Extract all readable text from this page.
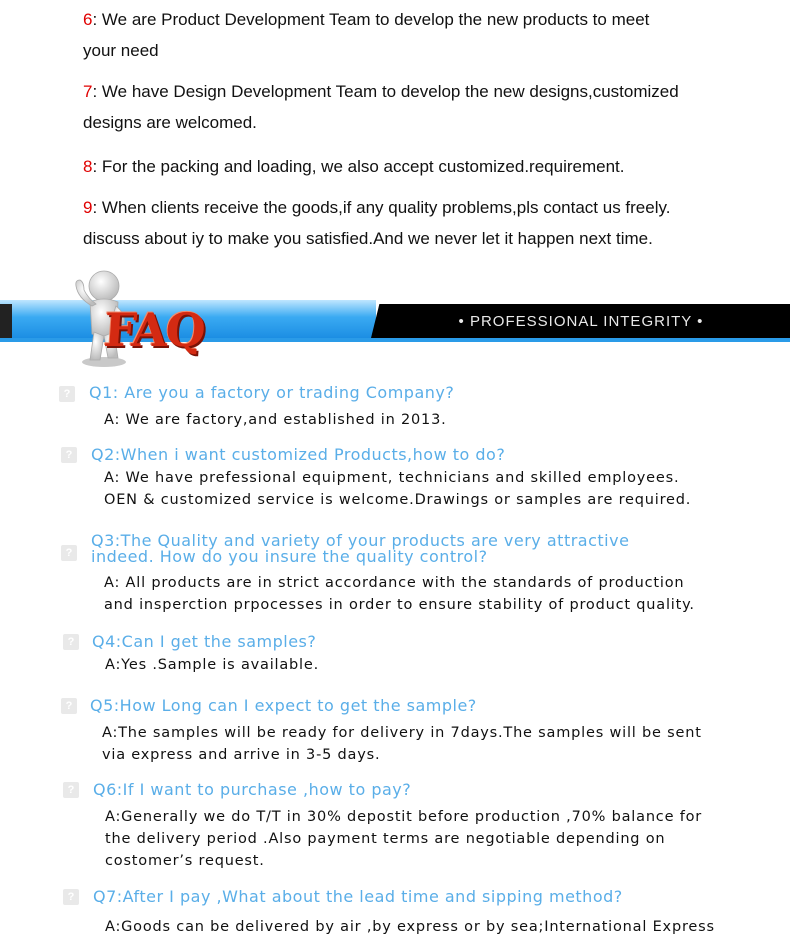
6: We are Product Development Team to develop the new products to meet
your need
7: We have Design Development Team to develop the new designs,customized
designs are welcomed.
8: For the packing and loading, we also accept customized.requirement.
9: When clients receive the goods,if any quality problems,pls contact us freely.
discuss about iy to make you satisfied.And we never let it happen next time.
• PROFESSIONAL INTEGRITY •
FAQ
? Q1: Are you a factory or trading Company?
A: We are factory,and established in 2013.
? Q2:When i want customized Products,how to do?
A: We have prefessional equipment, technicians and skilled employees.
OEN & customized service is welcome.Drawings or samples are required.
?
Q3:The Quality and variety of your products are very attractive
indeed. How do you insure the quality control?
A: All products are in strict accordance with the standards of production
and insperction prpocesses in order to ensure stability of product quality.
? Q4:Can I get the samples?
A:Yes .Sample is available.
? Q5:How Long can I expect to get the sample?
A:The samples will be ready for delivery in 7days.The samples will be sent
via express and arrive in 3-5 days.
? Q6:If I want to purchase ,how to pay?
A:Generally we do T/T in 30% depostit before production ,70% balance for
the delivery period .Also payment terms are negotiable depending on
costomer’s request.
? Q7:After I pay ,What about the lead time and sipping method?
A:Goods can be delivered by air ,by express or by sea;International Express
